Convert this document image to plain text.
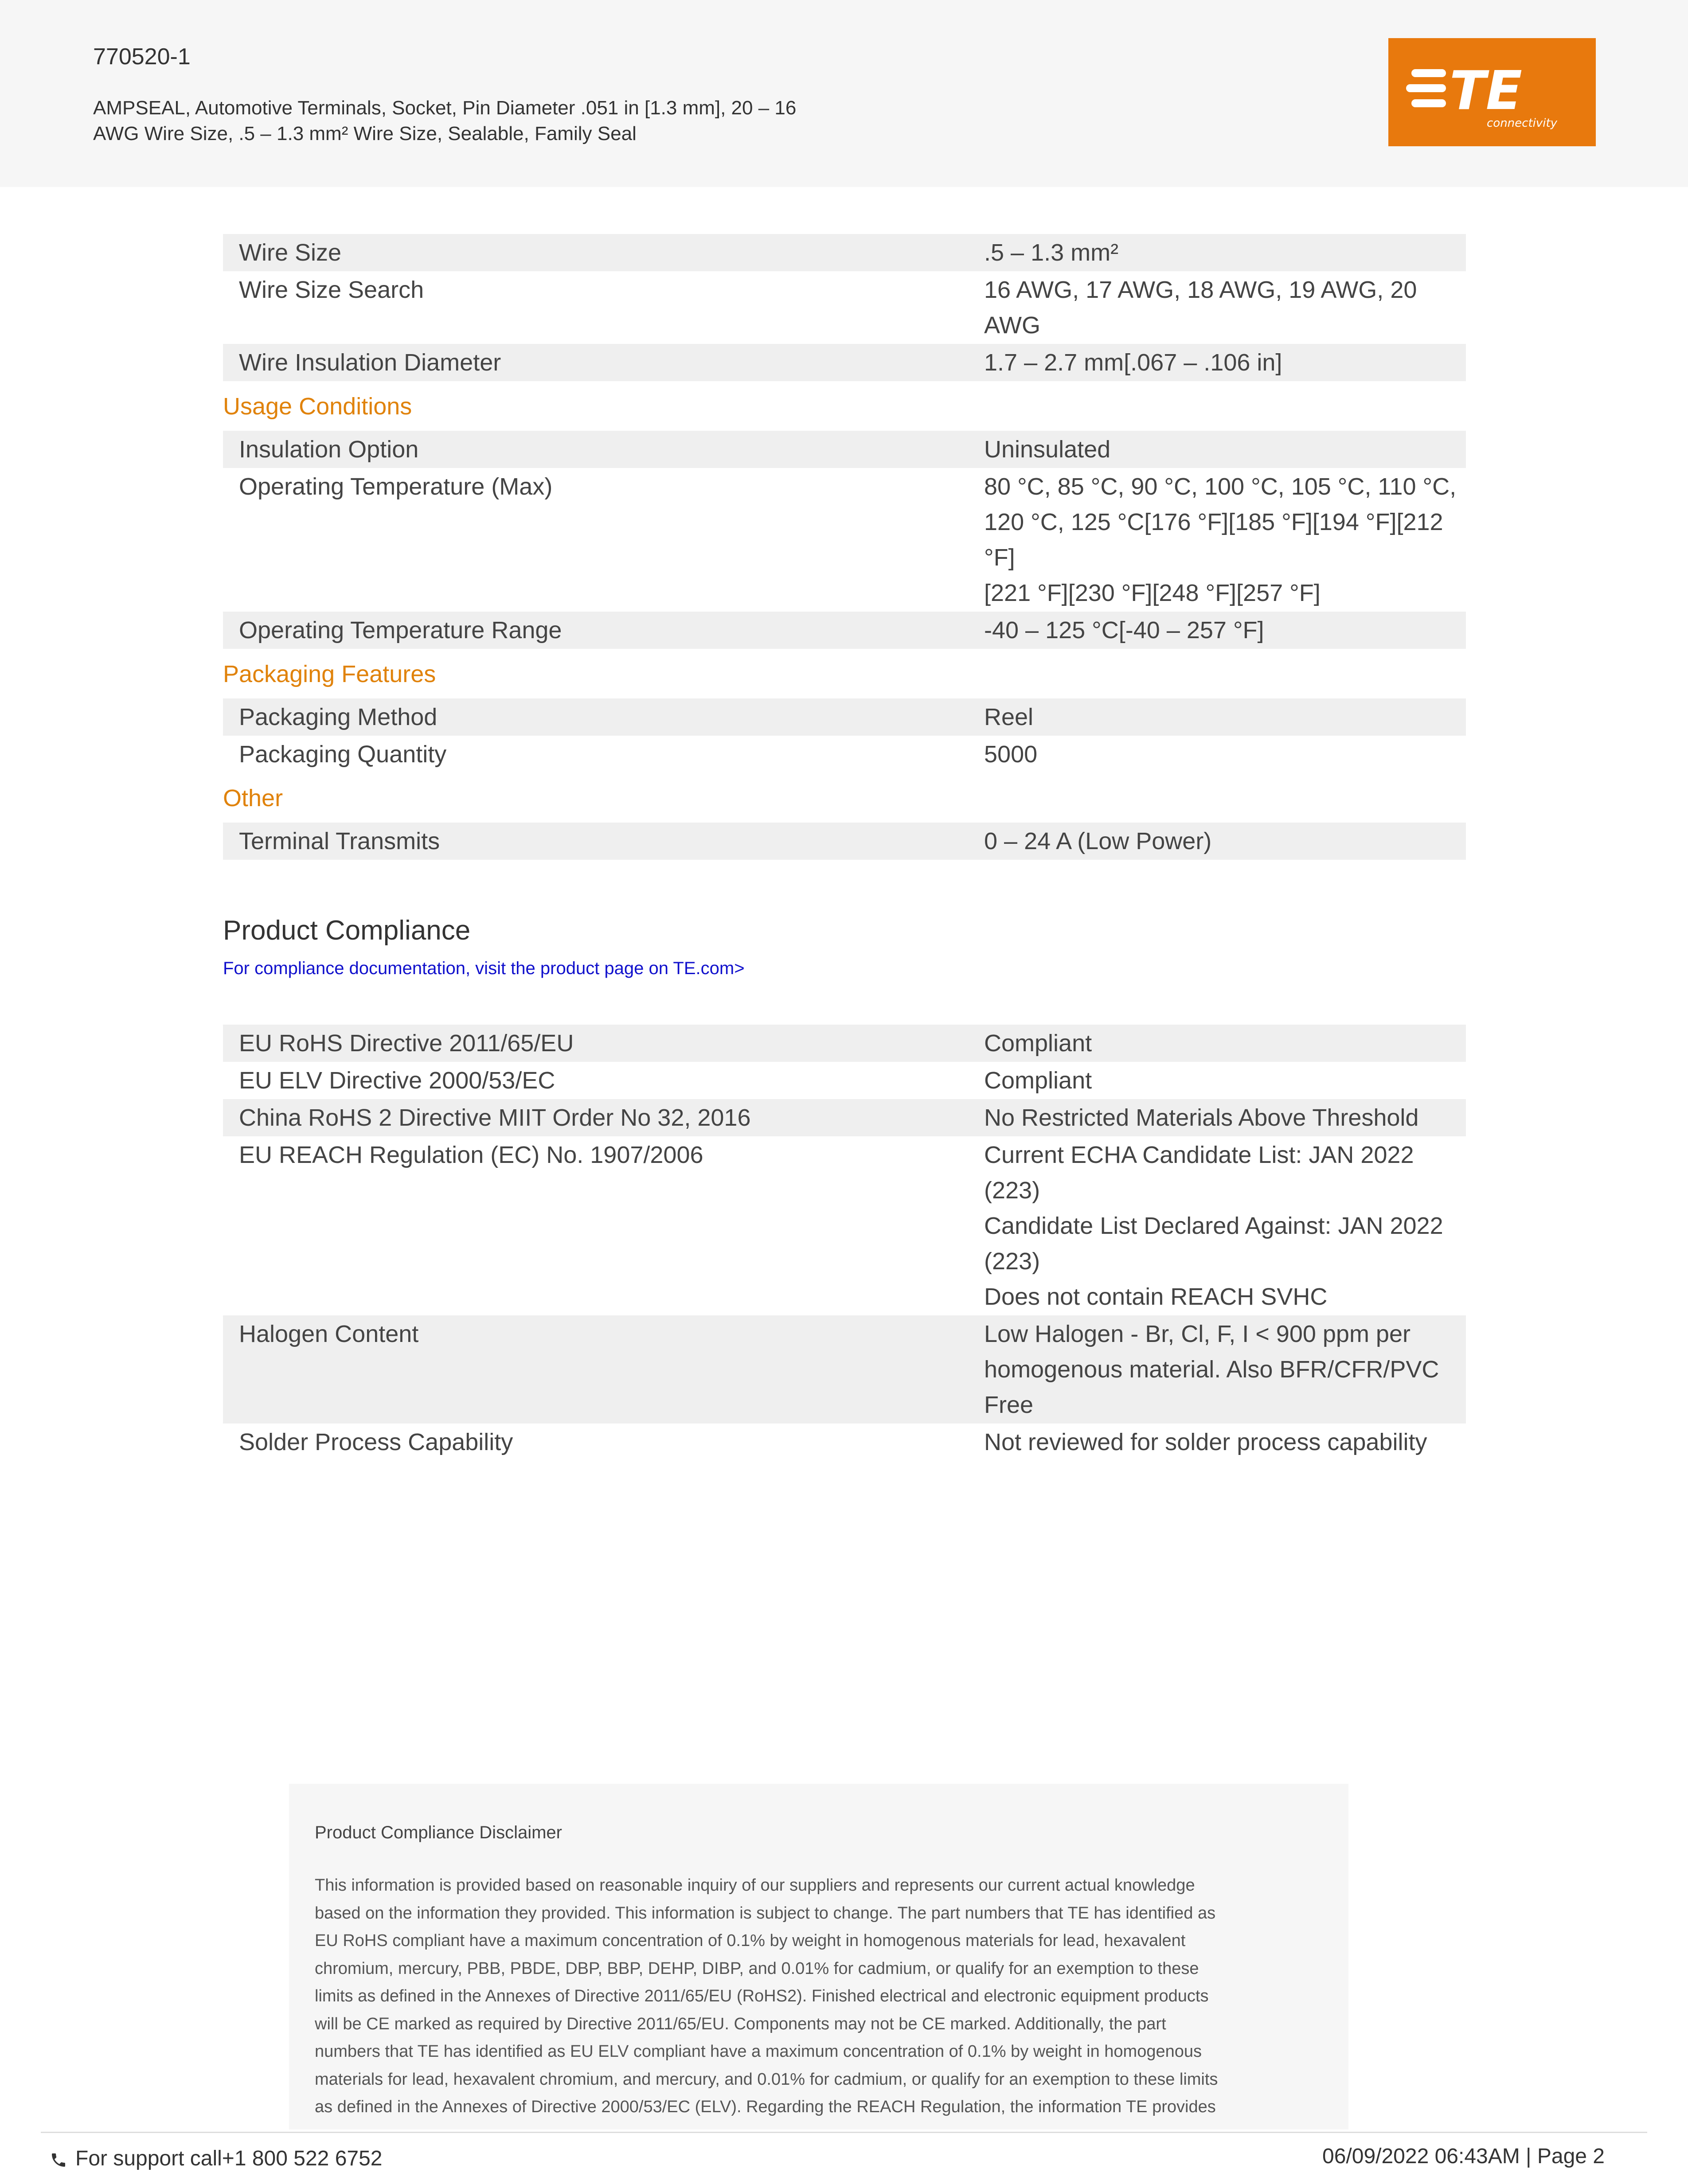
770520-1
AMPSEAL, Automotive Terminals, Socket, Pin Diameter .051 in [1.3 mm], 20 – 16
AWG Wire Size, .5 – 1.3 mm² Wire Size, Sealable, Family Seal
TE
connectivity
Wire Size	.5 – 1.3 mm²
Wire Size Search	16 AWG, 17 AWG, 18 AWG, 19 AWG, 20
AWG
Wire Insulation Diameter	1.7 – 2.7 mm[.067 – .106 in]
Usage Conditions
Insulation Option	Uninsulated
Operating Temperature (Max)	80 °C, 85 °C, 90 °C, 100 °C, 105 °C, 110 °C,
120 °C, 125 °C[176 °F][185 °F][194 °F][212 °F]
[221 °F][230 °F][248 °F][257 °F]
Operating Temperature Range	-40 – 125 °C[-40 – 257 °F]
Packaging Features
Packaging Method	Reel
Packaging Quantity	5000
Other
Terminal Transmits	0 – 24 A (Low Power)
Product Compliance
For compliance documentation, visit the product page on TE.com>
EU RoHS Directive 2011/65/EU	Compliant
EU ELV Directive 2000/53/EC	Compliant
China RoHS 2 Directive MIIT Order No 32, 2016	No Restricted Materials Above Threshold
EU REACH Regulation (EC) No. 1907/2006	Current ECHA Candidate List: JAN 2022
(223)
Candidate List Declared Against: JAN 2022
(223)
Does not contain REACH SVHC
Halogen Content	Low Halogen - Br, Cl, F, I < 900 ppm per
homogenous material. Also BFR/CFR/PVC
Free
Solder Process Capability	Not reviewed for solder process capability
Product Compliance Disclaimer
This information is provided based on reasonable inquiry of our suppliers and represents our current actual knowledge
based on the information they provided. This information is subject to change. The part numbers that TE has identified as
EU RoHS compliant have a maximum concentration of 0.1% by weight in homogenous materials for lead, hexavalent
chromium, mercury, PBB, PBDE, DBP, BBP, DEHP, DIBP, and 0.01% for cadmium, or qualify for an exemption to these
limits as defined in the Annexes of Directive 2011/65/EU (RoHS2). Finished electrical and electronic equipment products
will be CE marked as required by Directive 2011/65/EU. Components may not be CE marked. Additionally, the part
numbers that TE has identified as EU ELV compliant have a maximum concentration of 0.1% by weight in homogenous
materials for lead, hexavalent chromium, and mercury, and 0.01% for cadmium, or qualify for an exemption to these limits
as defined in the Annexes of Directive 2000/53/EC (ELV). Regarding the REACH Regulation, the information TE provides
For support call+1 800 522 6752	06/09/2022 06:43AM | Page 2
